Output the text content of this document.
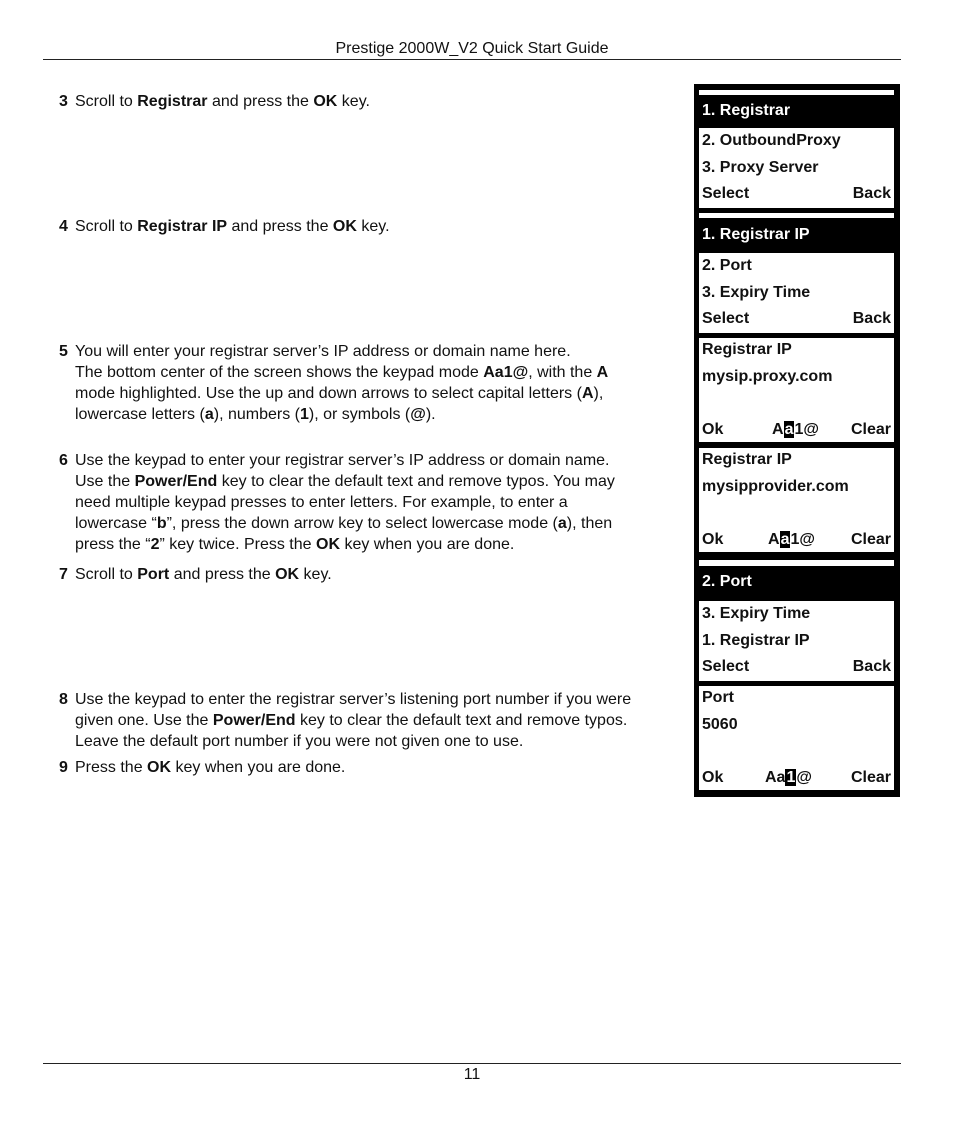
Prestige 2000W_V2 Quick Start Guide
3 Scroll to Registrar and press the OK key.
4 Scroll to Registrar IP and press the OK key.
5 You will enter your registrar server’s IP address or domain name here.
The bottom center of the screen shows the keypad mode Aa1@, with the A
mode highlighted. Use the up and down arrows to select capital letters (A),
lowercase letters (a), numbers (1), or symbols (@).
6 Use the keypad to enter your registrar server’s IP address or domain name.
Use the Power/End key to clear the default text and remove typos. You may
need multiple keypad presses to enter letters. For example, to enter a
lowercase “b”, press the down arrow key to select lowercase mode (a), then
press the “2” key twice. Press the OK key when you are done.
7 Scroll to Port and press the OK key.
8 Use the keypad to enter the registrar server’s listening port number if you were
given one. Use the Power/End key to clear the default text and remove typos.
Leave the default port number if you were not given one to use.
9 Press the OK key when you are done.
1. Registrar
2. OutboundProxy
3. Proxy Server
Select	Back
1. Registrar IP
2. Port
3. Expiry Time
Select	Back
Registrar IP
mysip.proxy.com
Ok	Aa1@ Clear
Registrar IP
mysipprovider.com
Ok	Aa1@ Clear
2. Port
3. Expiry Time
1. Registrar IP
Select	Back
Port
5060
Ok	Aa1@ Clear
11
